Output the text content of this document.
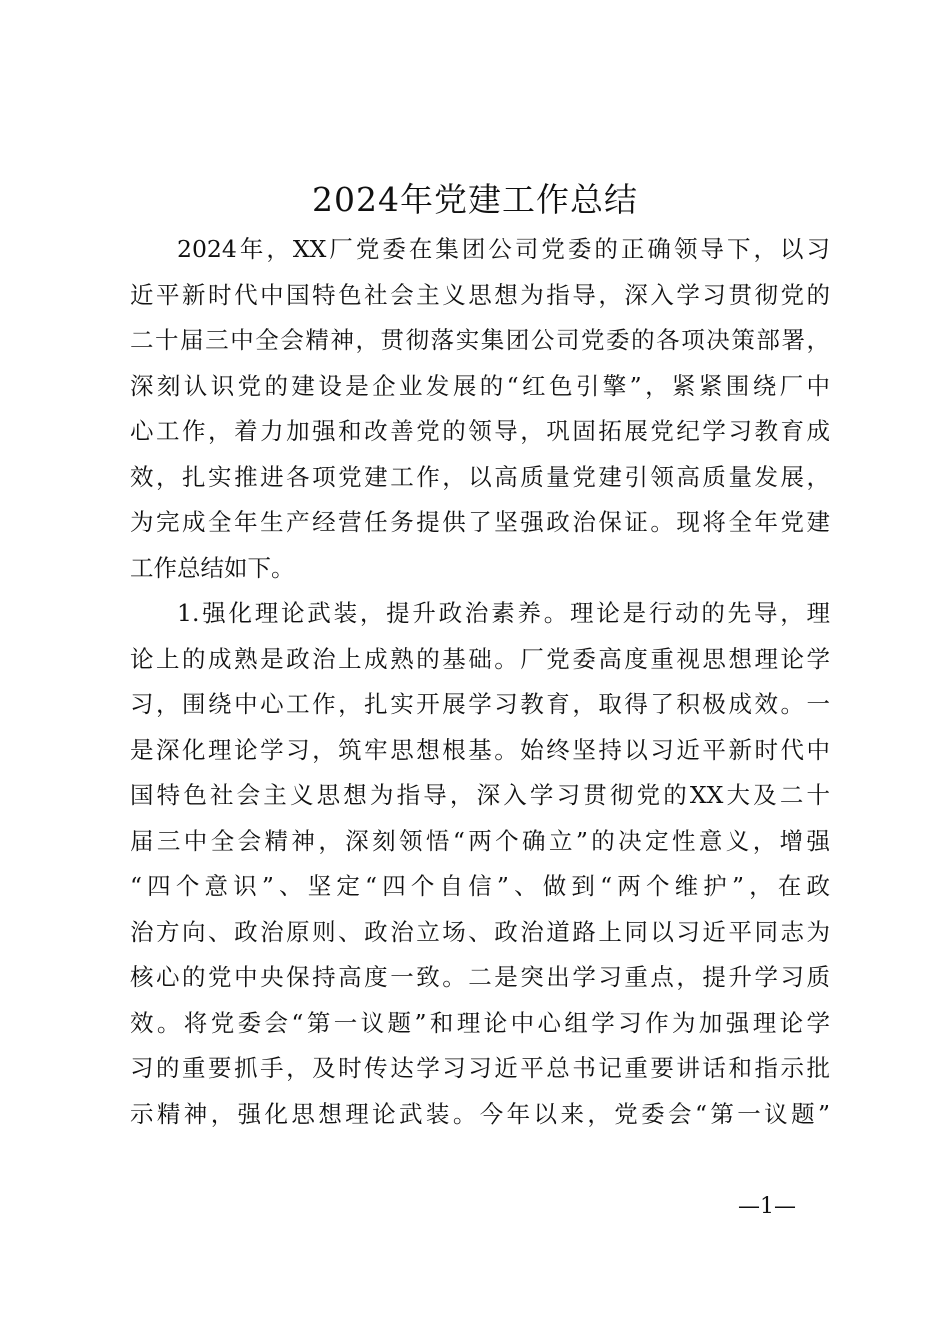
2024年党建工作总结
2024年，XX厂党委在集团公司党委的正确领导下，以习
近平新时代中国特色社会主义思想为指导，深入学习贯彻党的
二十届三中全会精神，贯彻落实集团公司党委的各项决策部署，
深刻认识党的建设是企业发展的“红色引擎”，紧紧围绕厂中
心工作，着力加强和改善党的领导，巩固拓展党纪学习教育成
效，扎实推进各项党建工作，以高质量党建引领高质量发展，
为完成全年生产经营任务提供了坚强政治保证。现将全年党建
工作总结如下。
1.强化理论武装，提升政治素养。理论是行动的先导，理
论上的成熟是政治上成熟的基础。厂党委高度重视思想理论学
习，围绕中心工作，扎实开展学习教育，取得了积极成效。一
是深化理论学习，筑牢思想根基。始终坚持以习近平新时代中
国特色社会主义思想为指导，深入学习贯彻党的XX大及二十
届三中全会精神，深刻领悟“两个确立”的决定性意义，增强
“四个意识”、坚定“四个自信”、做到“两个维护”，在政
治方向、政治原则、政治立场、政治道路上同以习近平同志为
核心的党中央保持高度一致。二是突出学习重点，提升学习质
效。将党委会“第一议题”和理论中心组学习作为加强理论学
习的重要抓手，及时传达学习习近平总书记重要讲话和指示批
示精神，强化思想理论武装。今年以来，党委会“第一议题”
—1—
